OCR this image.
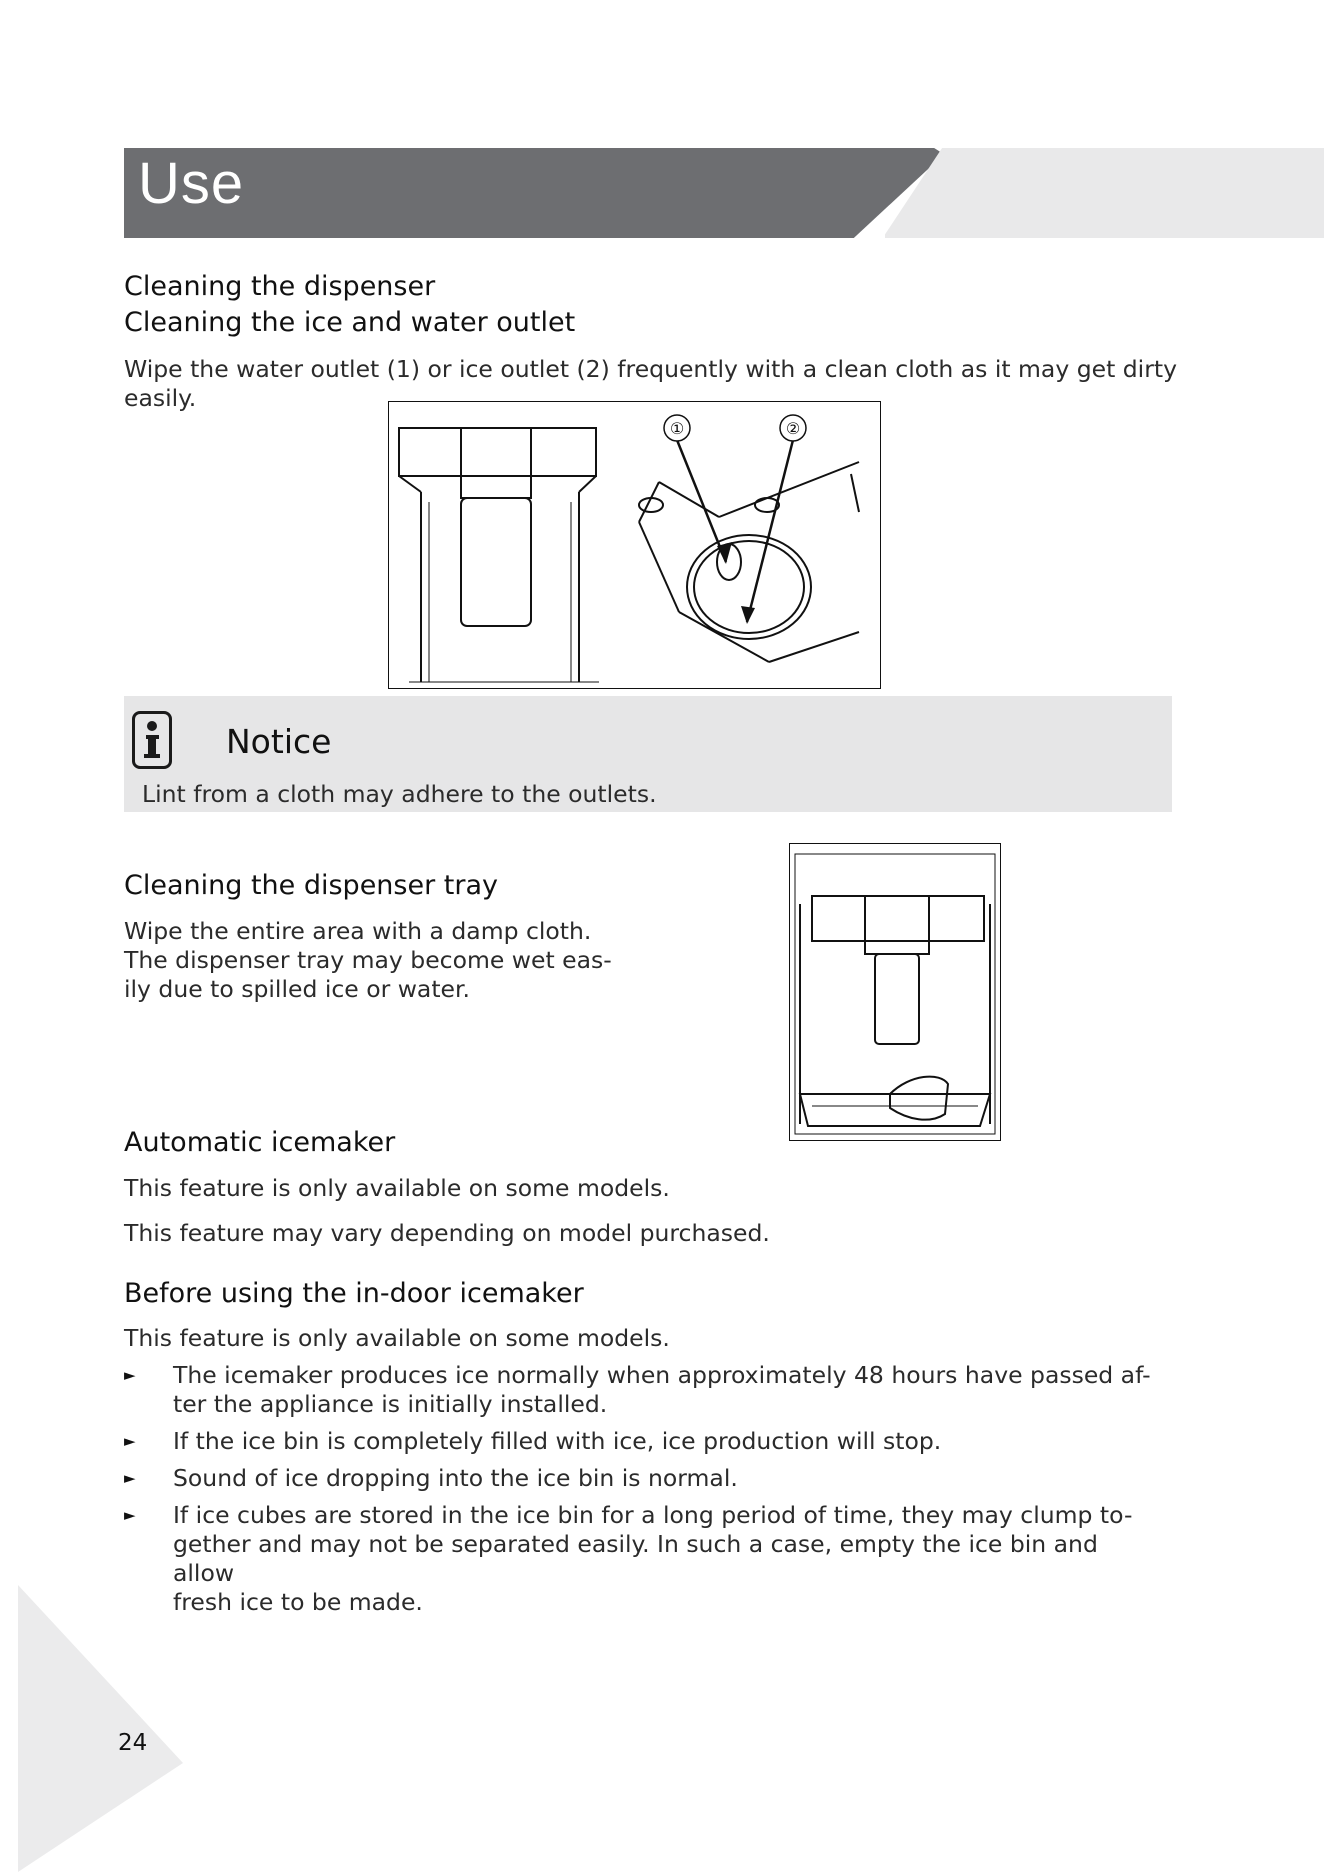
Use
Cleaning the dispenser
Cleaning the ice and water outlet

Wipe the water outlet (1) or ice outlet (2) frequently with a clean cloth as it may get dirty

easily.

①	②
Notice
Lint from a cloth may adhere to the outlets.
Cleaning the dispenser tray

Wipe the entire area with a damp cloth.

The dispenser tray may become wet eas-

ily due to spilled ice or water.

Automatic icemaker

This feature is only available on some models.

This feature may vary depending on model purchased.

Before using the in-door icemaker

This feature is only available on some models.

► The icemaker produces ice normally when approximately 48 hours have passed af-

ter the appliance is initially installed.

► If the ice bin is completely filled with ice, ice production will stop.

► Sound of ice dropping into the ice bin is normal.

► If ice cubes are stored in the ice bin for a long period of time, they may clump to-

gether and may not be separated easily. In such a case, empty the ice bin and allow

fresh ice to be made.

24
